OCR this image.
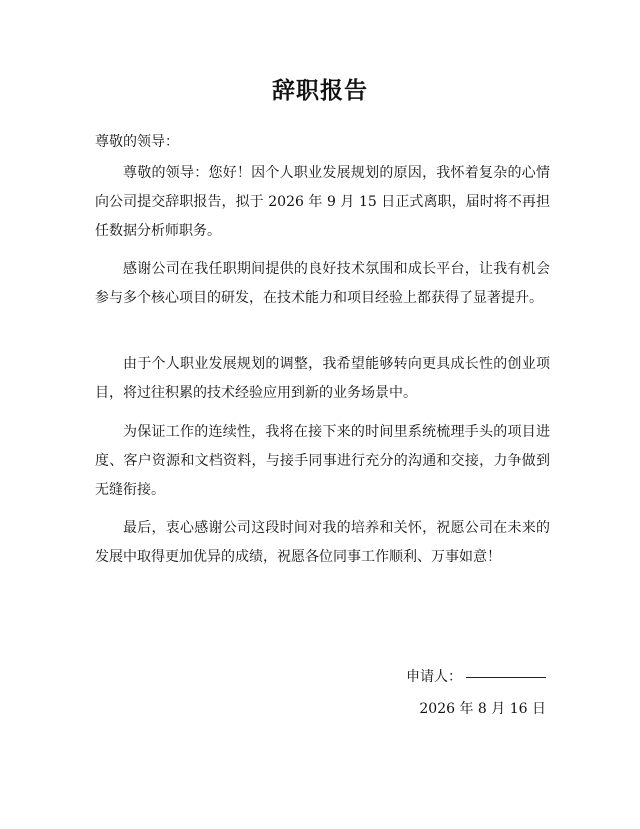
辞职报告
尊敬的领导：
尊敬的领导：您好！因个人职业发展规划的原因，我怀着复杂的心情向公司提交辞职报告，拟于 2026 年 9 月 15 日正式离职，届时将不再担任数据分析师职务。
感谢公司在我任职期间提供的良好技术氛围和成长平台，让我有机会参与多个核心项目的研发，在技术能力和项目经验上都获得了显著提升。
由于个人职业发展规划的调整，我希望能够转向更具成长性的创业项目，将过往积累的技术经验应用到新的业务场景中。
为保证工作的连续性，我将在接下来的时间里系统梳理手头的项目进度、客户资源和文档资料，与接手同事进行充分的沟通和交接，力争做到无缝衔接。
最后，衷心感谢公司这段时间对我的培养和关怀，祝愿公司在未来的发展中取得更加优异的成绩，祝愿各位同事工作顺利、万事如意！
申请人：
2026 年 8 月 16 日
